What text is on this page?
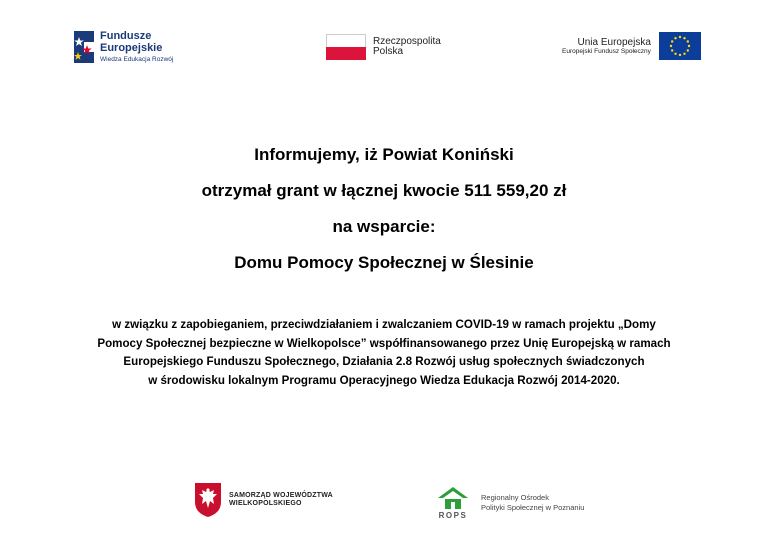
Fundusze
Europejskie
Wiedza Edukacja Rozwój
Rzeczpospolita
Polska
Unia Europejska
Europejski Fundusz Społeczny
Informujemy, iż Powiat Koniński
otrzymał grant w łącznej kwocie 511 559,20 zł
na wsparcie:
Domu Pomocy Społecznej w Ślesinie
w związku z zapobieganiem, przeciwdziałaniem i zwalczaniem COVID-19 w ramach projektu „Domy
Pomocy Społecznej bezpieczne w Wielkopolsce” współfinansowanego przez Unię Europejską w ramach
Europejskiego Funduszu Społecznego, Działania 2.8 Rozwój usług społecznych świadczonych
w środowisku lokalnym Programu Operacyjnego Wiedza Edukacja Rozwój 2014-2020.
SAMORZĄD WOJEWÓDZTWA
WIELKOPOLSKIEGO
ROPS
Regionalny Ośrodek
Polityki Społecznej w Poznaniu
